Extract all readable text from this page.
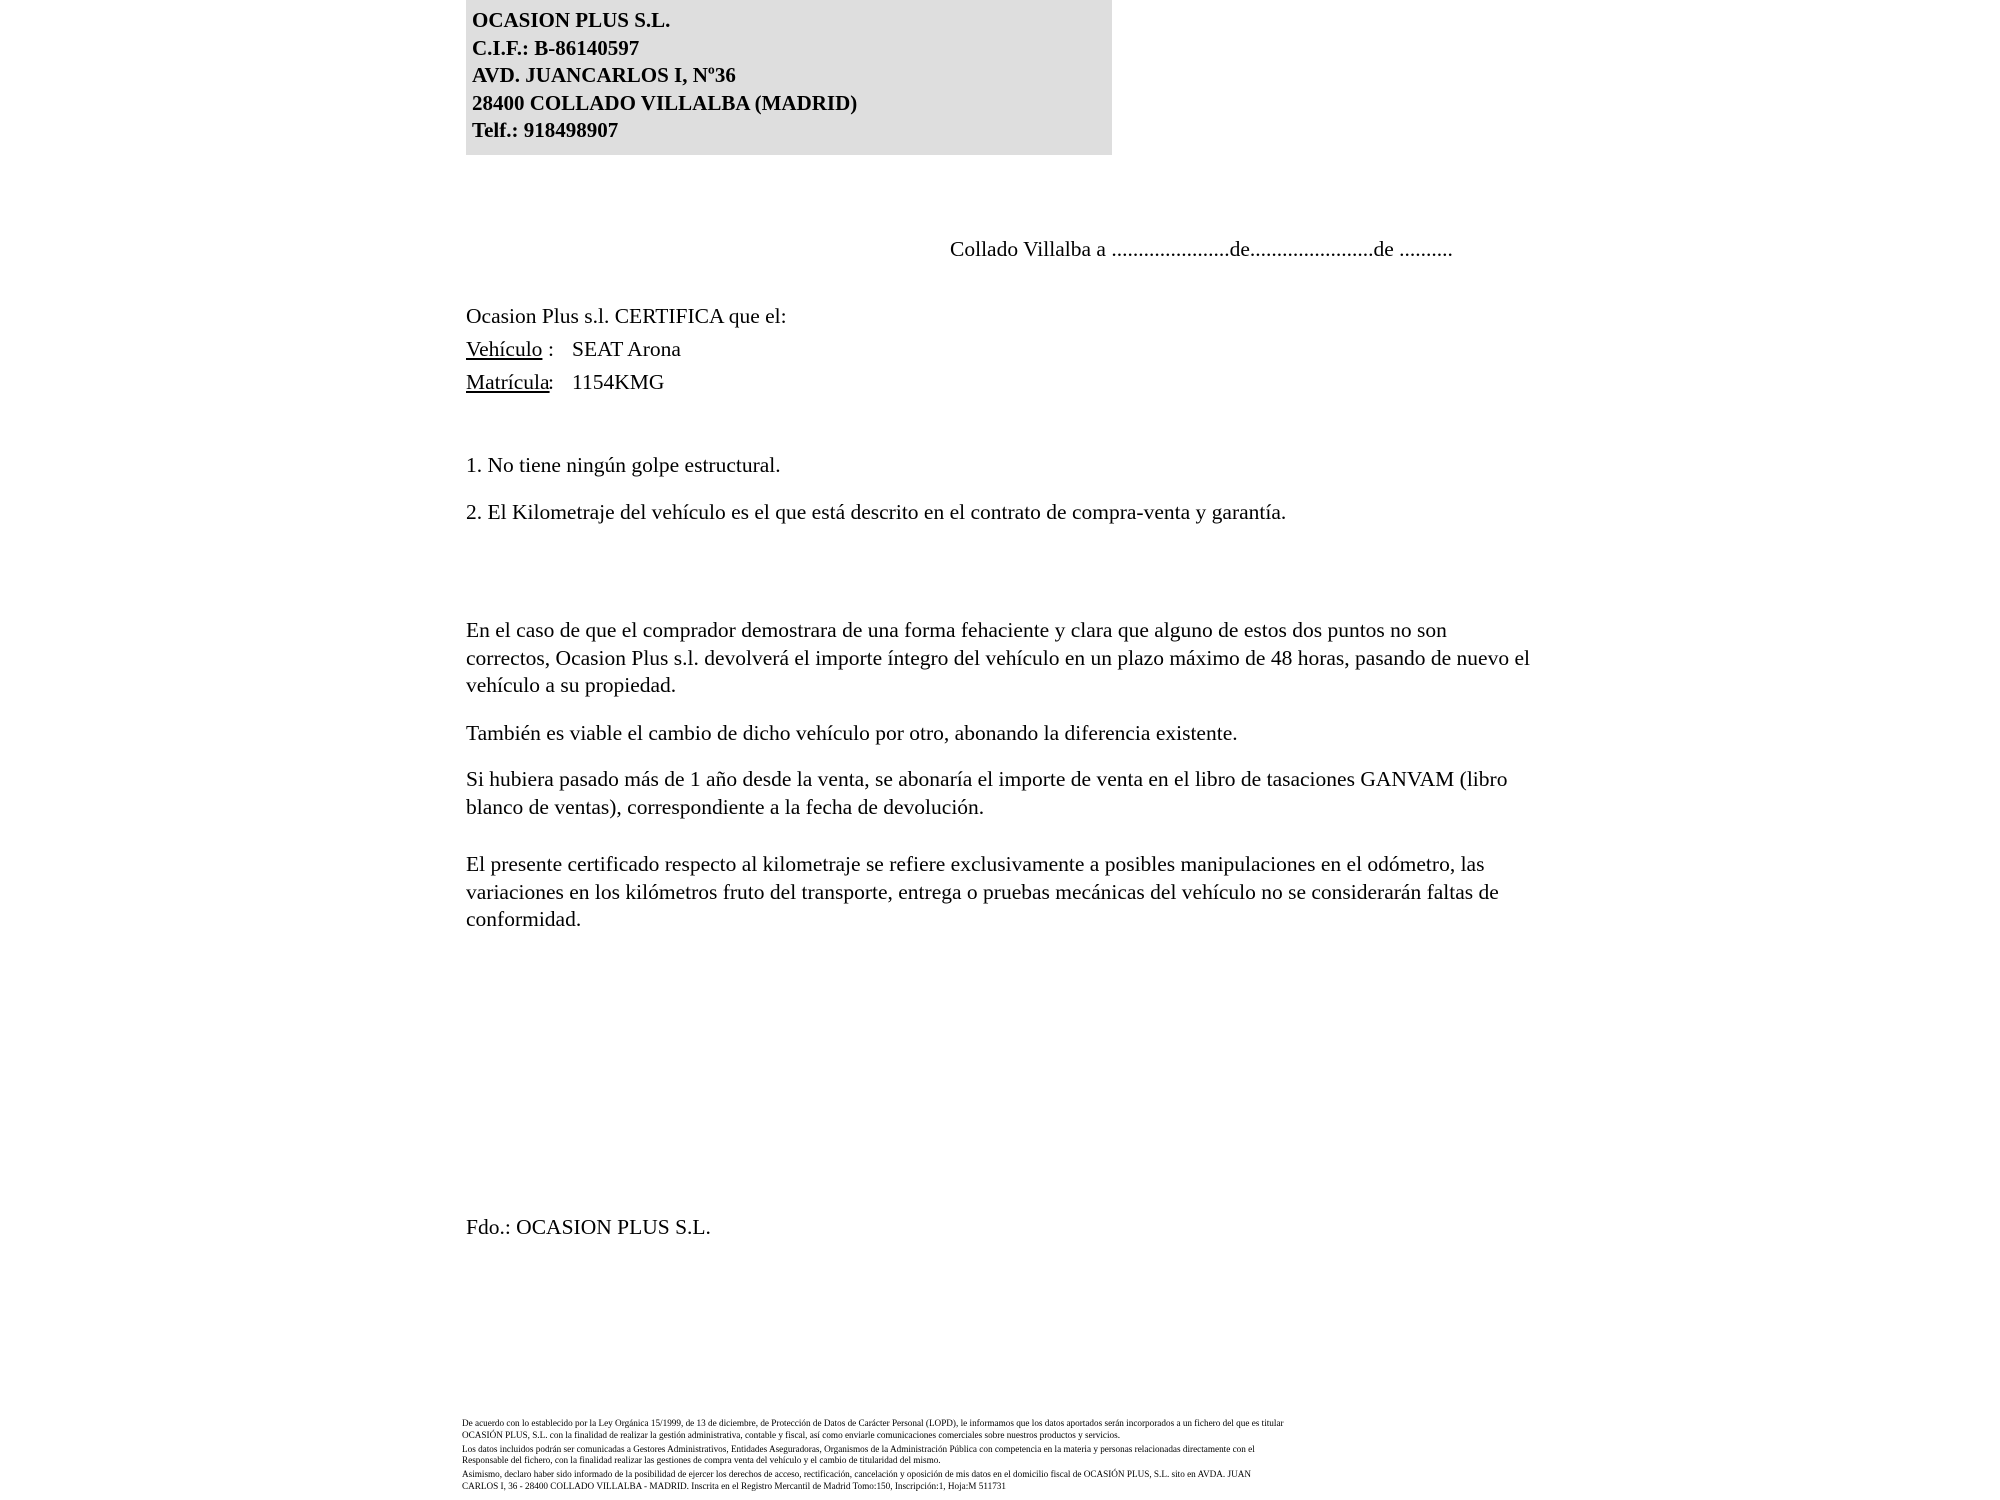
OCASION PLUS S.L.
C.I.F.: B-86140597
AVD. JUANCARLOS I, Nº36
28400 COLLADO VILLALBA (MADRID)
Telf.: 918498907
Collado Villalba a ......................de.......................de ..........
Ocasion Plus s.l. CERTIFICA que el:
Vehículo : SEAT Arona
Matrícula
: 1154KMG
1. No tiene ningún golpe estructural.
2. El Kilometraje del vehículo es el que está descrito en el contrato de compra-venta y garantía.
En el caso de que el comprador demostrara de una forma fehaciente y clara que alguno de estos dos puntos no son correctos, Ocasion Plus s.l. devolverá el importe íntegro del vehículo en un plazo máximo de 48 horas, pasando de nuevo el vehículo a su propiedad.
También es viable el cambio de dicho vehículo por otro, abonando la diferencia existente.
Si hubiera pasado más de 1 año desde la venta, se abonaría el importe de venta en el libro de tasaciones GANVAM (libro blanco de ventas), correspondiente a la fecha de devolución.
El presente certificado respecto al kilometraje se refiere exclusivamente a posibles manipulaciones en el odómetro, las variaciones en los kilómetros fruto del transporte, entrega o pruebas mecánicas del vehículo no se considerarán faltas de conformidad.
Fdo.: OCASION PLUS S.L.

De acuerdo con lo establecido por la Ley Orgánica 15/1999, de 13 de diciembre, de Protección de Datos de Carácter Personal (LOPD), le informamos que los datos aportados serán incorporados a un fichero del que es titular

OCASIÓN PLUS, S.L. con la finalidad de realizar la gestión administrativa, contable y fiscal, así como enviarle comunicaciones comerciales sobre nuestros productos y servicios.

Los datos incluidos podrán ser comunicadas a Gestores Administrativos, Entidades Aseguradoras, Organismos de la Administración Pública con competencia en la materia y personas relacionadas directamente con el

Responsable del fichero, con la finalidad realizar las gestiones de compra venta del vehículo y el cambio de titularidad del mismo.

Asimismo, declaro haber sido informado de la posibilidad de ejercer los derechos de acceso, rectificación, cancelación y oposición de mis datos en el domicilio fiscal de OCASIÓN PLUS, S.L. sito en AVDA. JUAN

CARLOS I, 36 - 28400 COLLADO VILLALBA - MADRID. Inscrita en el Registro Mercantil de Madrid Tomo:150, Inscripción:1, Hoja:M 511731
